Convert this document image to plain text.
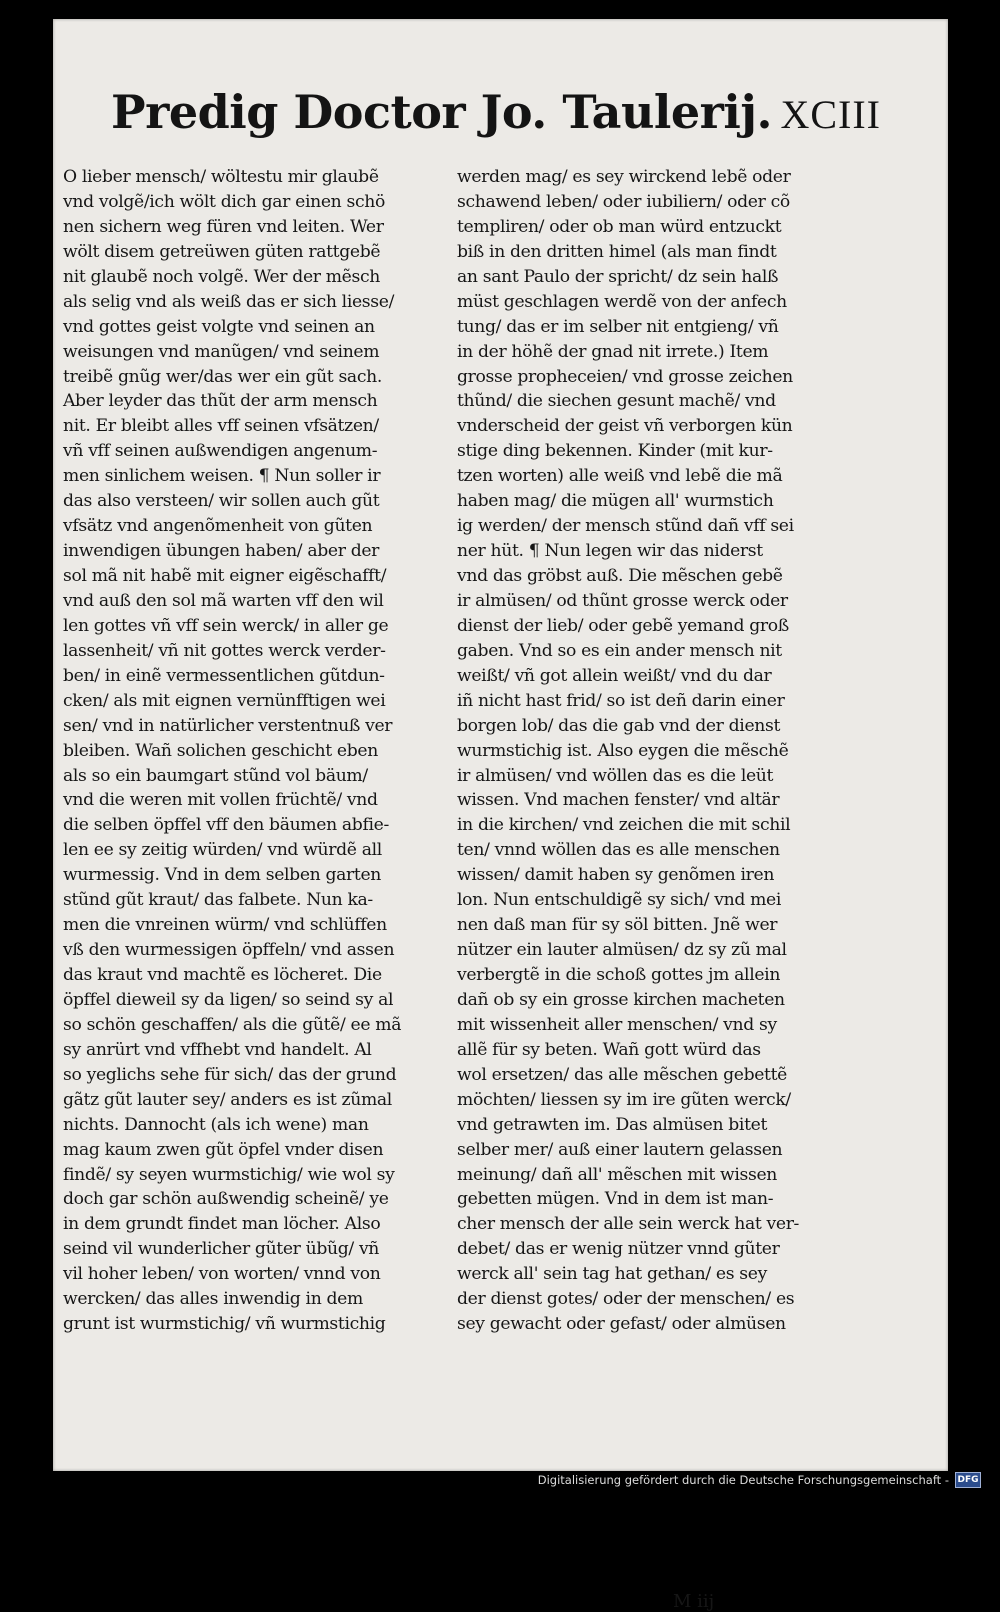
Predig Doctor Jo. Taulerij. XCIII
O lieber mensch/ wöltestu mir glaubẽ
vnd volgẽ/ich wölt dich gar einen schö
nen sichern weg füren vnd leiten. Wer
wölt disem getreüwen güten rattgebẽ
nit glaubẽ noch volgẽ. Wer der mẽsch
als selig vnd als weiß das er sich liesse/
vnd gottes geist volgte vnd seinen an
weisungen vnd manũgen/ vnd seinem
treibẽ gnũg wer/das wer ein gũt sach.
Aber leyder das thũt der arm mensch
nit. Er bleibt alles vff seinen vfsätzen/
vñ vff seinen außwendigen angenum-
men sinlichem weisen. ¶ Nun soller ir
das also versteen/ wir sollen auch gũt
vfsätz vnd angenõmenheit von gũten
inwendigen übungen haben/ aber der
sol mã nit habẽ mit eigner eigẽschafft/
vnd auß den sol mã warten vff den wil
len gottes vñ vff sein werck/ in aller ge
lassenheit/ vñ nit gottes werck verder-
ben/ in einẽ vermessentlichen gũtdun-
cken/ als mit eignen vernünfftigen wei
sen/ vnd in natürlicher verstentnuß ver
bleiben. Wañ solichen geschicht eben
als so ein baumgart stũnd vol bäum/
vnd die weren mit vollen früchtẽ/ vnd
die selben öpffel vff den bäumen abfie-
len ee sy zeitig würden/ vnd würdẽ all
wurmessig. Vnd in dem selben garten
stũnd gũt kraut/ das falbete. Nun ka-
men die vnreinen würm/ vnd schlüffen
vß den wurmessigen öpffeln/ vnd assen
das kraut vnd machtẽ es löcheret. Die
öpffel dieweil sy da ligen/ so seind sy al
so schön geschaffen/ als die gũtẽ/ ee mã
sy anrürt vnd vffhebt vnd handelt. Al
so yeglichs sehe für sich/ das der grund
gãtz gũt lauter sey/ anders es ist zũmal
nichts. Dannocht (als ich wene) man
mag kaum zwen gũt öpfel vnder disen
findẽ/ sy seyen wurmstichig/ wie wol sy
doch gar schön außwendig scheinẽ/ ye
in dem grundt findet man löcher. Also
seind vil wunderlicher gũter übũg/ vñ
vil hoher leben/ von worten/ vnnd von
wercken/ das alles inwendig in dem
grunt ist wurmstichig/ vñ wurmstichig
werden mag/ es sey wirckend lebẽ oder
schawend leben/ oder iubiliern/ oder cõ
templiren/ oder ob man würd entzuckt
biß in den dritten himel (als man findt
an sant Paulo der spricht/ dz sein halß
müst geschlagen werdẽ von der anfech
tung/ das er im selber nit entgieng/ vñ
in der höhẽ der gnad nit irrete.) Item
grosse propheceien/ vnd grosse zeichen
thũnd/ die siechen gesunt machẽ/ vnd
vnderscheid der geist vñ verborgen kün
stige ding bekennen. Kinder (mit kur-
tzen worten) alle weiß vnd lebẽ die mã
haben mag/ die mügen all' wurmstich
ig werden/ der mensch stũnd dañ vff sei
ner hüt. ¶ Nun legen wir das niderst
vnd das gröbst auß. Die mẽschen gebẽ
ir almüsen/ od thũnt grosse werck oder
dienst der lieb/ oder gebẽ yemand groß
gaben. Vnd so es ein ander mensch nit
weißt/ vñ got allein weißt/ vnd du dar
iñ nicht hast frid/ so ist deñ darin einer
borgen lob/ das die gab vnd der dienst
wurmstichig ist. Also eygen die mẽschẽ
ir almüsen/ vnd wöllen das es die leüt
wissen. Vnd machen fenster/ vnd altär
in die kirchen/ vnd zeichen die mit schil
ten/ vnnd wöllen das es alle menschen
wissen/ damit haben sy genõmen iren
lon. Nun entschuldigẽ sy sich/ vnd mei
nen daß man für sy söl bitten. Jnẽ wer
nützer ein lauter almüsen/ dz sy zũ mal
verbergtẽ in die schoß gottes jm allein
dañ ob sy ein grosse kirchen macheten
mit wissenheit aller menschen/ vnd sy
allẽ für sy beten. Wañ gott würd das
wol ersetzen/ das alle mẽschen gebettẽ
möchten/ liessen sy im ire gũten werck/
vnd getrawten im. Das almüsen bitet
selber mer/ auß einer lautern gelassen
meinung/ dañ all' mẽschen mit wissen
gebetten mügen. Vnd in dem ist man-
cher mensch der alle sein werck hat ver-
debet/ das er wenig nützer vnnd gũter
werck all' sein tag hat gethan/ es sey
der dienst gotes/ oder der menschen/ es
sey gewacht oder gefast/ oder almüsen
M iij
Digitalisierung gefördert durch die Deutsche Forschungsgemeinschaft - DFG
